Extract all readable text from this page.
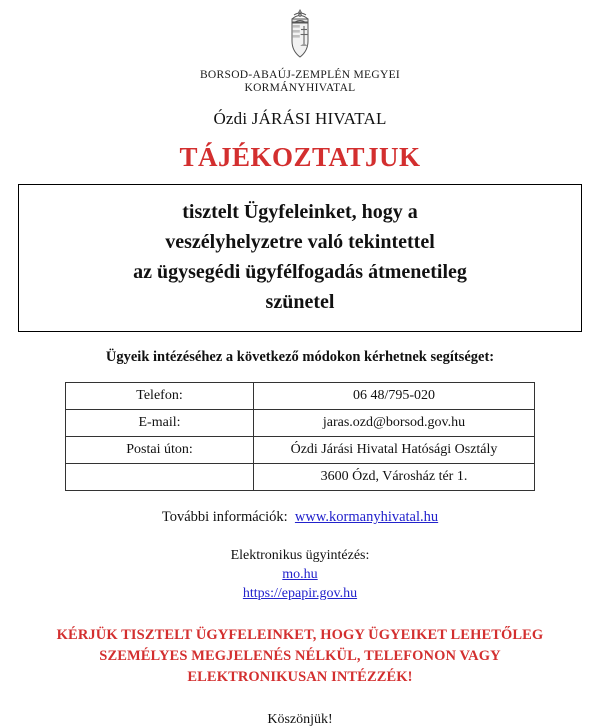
BORSOD-ABAÚJ-ZEMPLÉN MEGYEI
KORMÁNYHIVATAL
Ózdi JÁRÁSI HIVATAL
TÁJÉKOZTATJUK
tisztelt Ügyfeleinket, hogy a
veszélyhelyzetre való tekintettel
az ügysegédi ügyfélfogadás átmenetileg
szünetel
Ügyeik intézéséhez a következő módokon kérhetnek segítséget:
Telefon:	06 48/795-020
E-mail:	jaras.ozd@borsod.gov.hu
Postai úton:	Ózdi Járási Hivatal Hatósági Osztály
	3600 Ózd, Városház tér 1.
További információk: www.kormanyhivatal.hu
Elektronikus ügyintézés:
mo.hu
https://epapir.gov.hu
KÉRJÜK TISZTELT ÜGYFELEINKET, HOGY ÜGYEIKET LEHETŐLEG
SZEMÉLYES MEGJELENÉS NÉLKÜL, TELEFONON VAGY
ELEKTRONIKUSAN INTÉZZÉK!
Köszönjük!
